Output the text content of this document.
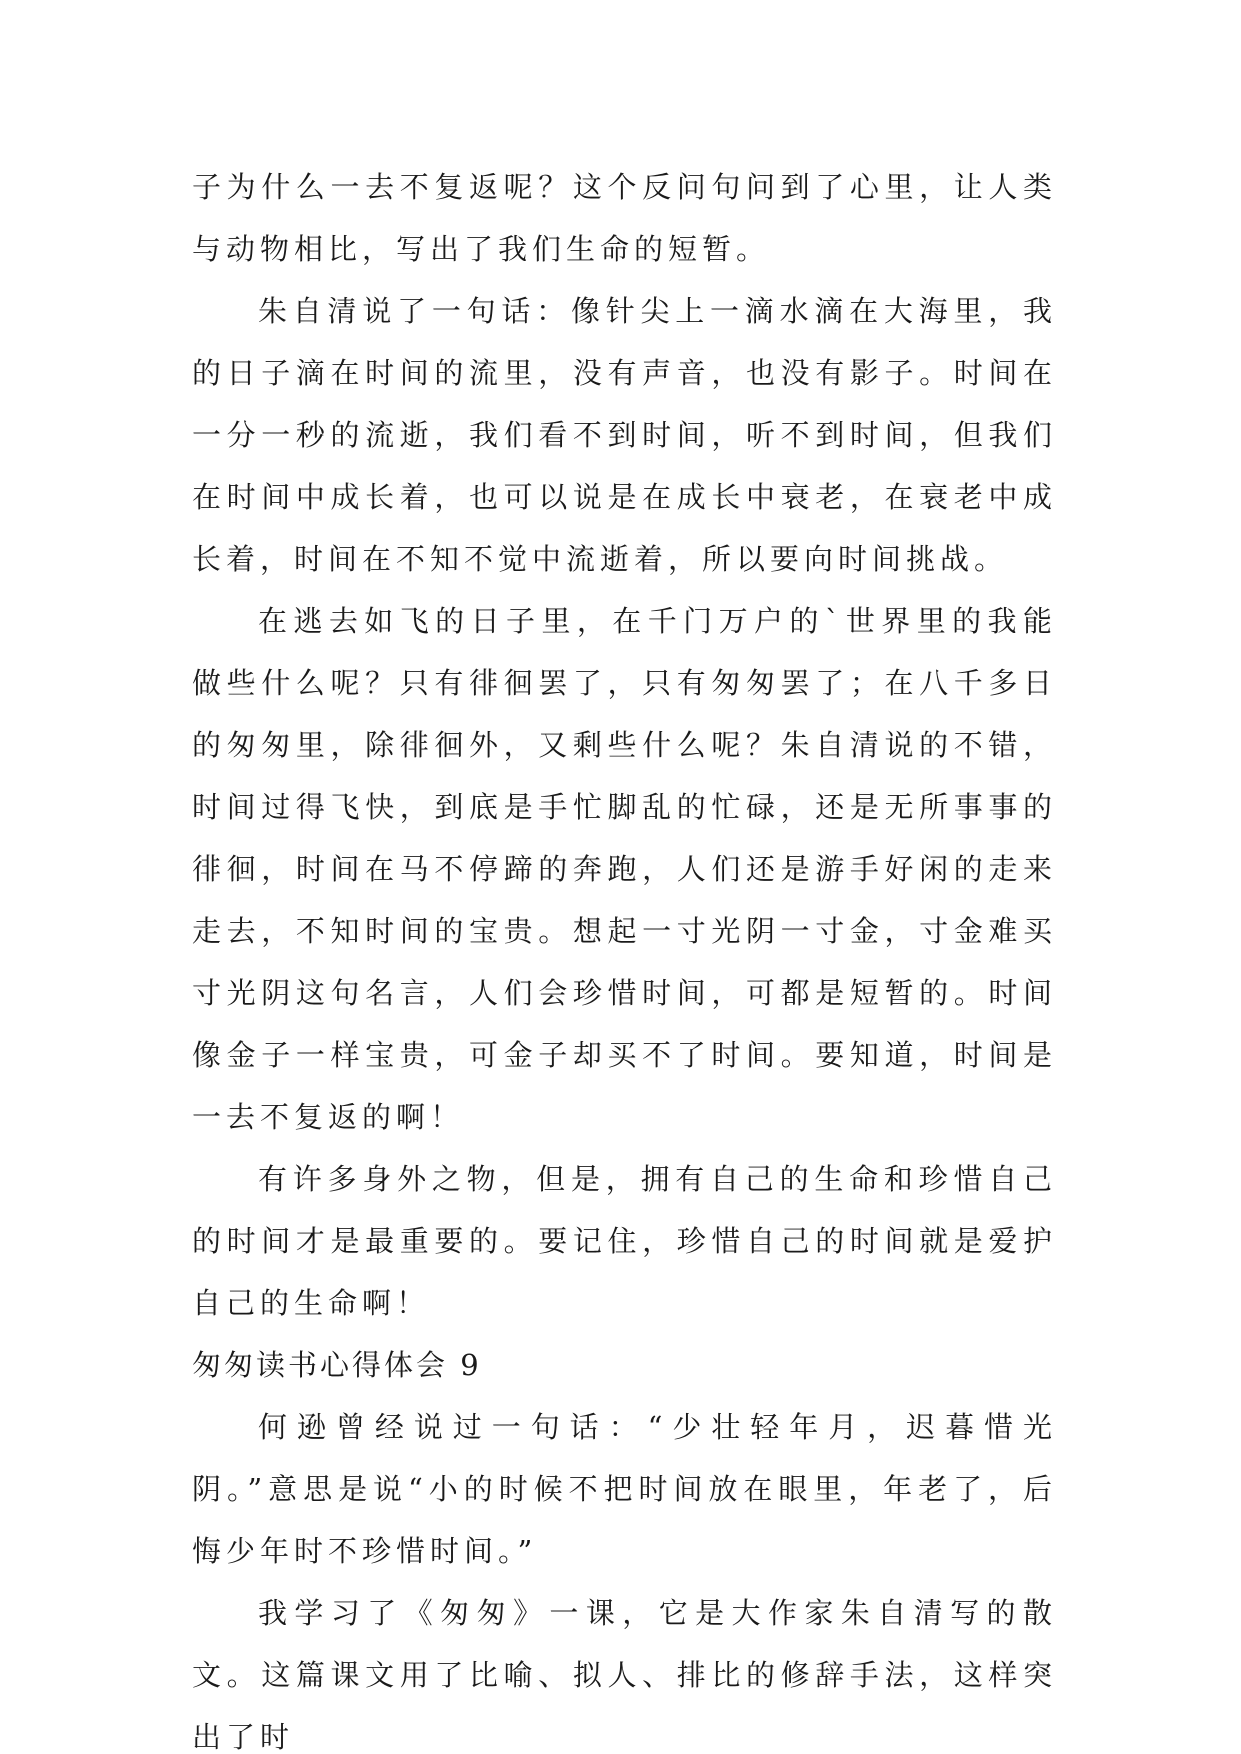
子为什么一去不复返呢？这个反问句问到了心里，让人类与动物相比，写出了我们生命的短暂。

朱自清说了一句话：像针尖上一滴水滴在大海里，我的日子滴在时间的流里，没有声音，也没有影子。时间在一分一秒的流逝，我们看不到时间，听不到时间，但我们在时间中成长着，也可以说是在成长中衰老，在衰老中成长着，时间在不知不觉中流逝着，所以要向时间挑战。

在逃去如飞的日子里，在千门万户的`世界里的我能做些什么呢？只有徘徊罢了，只有匆匆罢了；在八千多日的匆匆里，除徘徊外，又剩些什么呢？朱自清说的不错，时间过得飞快，到底是手忙脚乱的忙碌，还是无所事事的徘徊，时间在马不停蹄的奔跑，人们还是游手好闲的走来走去，不知时间的宝贵。想起一寸光阴一寸金，寸金难买寸光阴这句名言，人们会珍惜时间，可都是短暂的。时间像金子一样宝贵，可金子却买不了时间。要知道，时间是一去不复返的啊！

有许多身外之物，但是，拥有自己的生命和珍惜自己的时间才是最重要的。要记住，珍惜自己的时间就是爱护自己的生命啊！

匆匆读书心得体会 9

何逊曾经说过一句话：“少壮轻年月，迟暮惜光阴。”意思是说“小的时候不把时间放在眼里，年老了，后悔少年时不珍惜时间。”

我学习了《匆匆》一课，它是大作家朱自清写的散文。这篇课文用了比喻、拟人、排比的修辞手法，这样突出了时
